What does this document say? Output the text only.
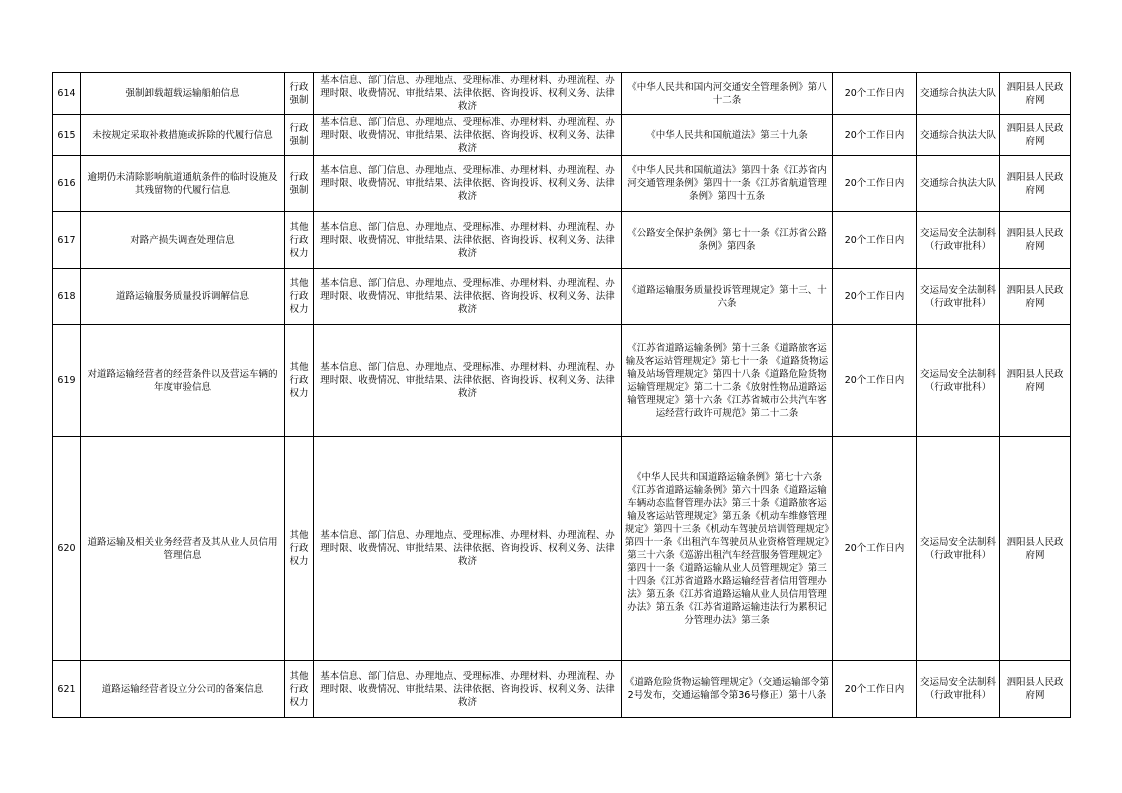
614	强制卸载超载运输船舶信息	行政强制	基本信息、部门信息、办理地点、受理标准、办理材料、办理流程、办理时限、收费情况、审批结果、法律依据、咨询投诉、权利义务、法律救济	《中华人民共和国内河交通安全管理条例》第八十二条	20个工作日内	交通综合执法大队	泗阳县人民政府网
615	未按规定采取补救措施或拆除的代履行信息	行政强制	基本信息、部门信息、办理地点、受理标准、办理材料、办理流程、办理时限、收费情况、审批结果、法律依据、咨询投诉、权利义务、法律救济	《中华人民共和国航道法》第三十九条	20个工作日内	交通综合执法大队	泗阳县人民政府网
616	逾期仍未清除影响航道通航条件的临时设施及其残留物的代履行信息	行政强制	基本信息、部门信息、办理地点、受理标准、办理材料、办理流程、办理时限、收费情况、审批结果、法律依据、咨询投诉、权利义务、法律救济	《中华人民共和国航道法》第四十条《江苏省内河交通管理条例》第四十一条《江苏省航道管理条例》第四十五条	20个工作日内	交通综合执法大队	泗阳县人民政府网
617	对路产损失调查处理信息	其他行政权力	基本信息、部门信息、办理地点、受理标准、办理材料、办理流程、办理时限、收费情况、审批结果、法律依据、咨询投诉、权利义务、法律救济	《公路安全保护条例》第七十一条《江苏省公路条例》第四条	20个工作日内	交运局安全法制科（行政审批科）	泗阳县人民政府网
618	道路运输服务质量投诉调解信息	其他行政权力	基本信息、部门信息、办理地点、受理标准、办理材料、办理流程、办理时限、收费情况、审批结果、法律依据、咨询投诉、权利义务、法律救济	《道路运输服务质量投诉管理规定》第十三、十六条	20个工作日内	交运局安全法制科（行政审批科）	泗阳县人民政府网
619	对道路运输经营者的经营条件以及营运车辆的年度审验信息	其他行政权力	基本信息、部门信息、办理地点、受理标准、办理材料、办理流程、办理时限、收费情况、审批结果、法律依据、咨询投诉、权利义务、法律救济	《江苏省道路运输条例》第十三条《道路旅客运输及客运站管理规定》第七十一条 《道路货物运输及站场管理规定》第四十八条《道路危险货物运输管理规定》第二十二条《放射性物品道路运输管理规定》第十六条《江苏省城市公共汽车客运经营行政许可规范》第二十二条	20个工作日内	交运局安全法制科（行政审批科）	泗阳县人民政府网
620	道路运输及相关业务经营者及其从业人员信用管理信息	其他行政权力	基本信息、部门信息、办理地点、受理标准、办理材料、办理流程、办理时限、收费情况、审批结果、法律依据、咨询投诉、权利义务、法律救济	《中华人民共和国道路运输条例》第七十六条《江苏省道路运输条例》第六十四条《道路运输车辆动态监督管理办法》第三十条《道路旅客运输及客运站管理规定》第五条《机动车维修管理规定》第四十三条《机动车驾驶员培训管理规定》第四十一条《出租汽车驾驶员从业资格管理规定》第三十六条《巡游出租汽车经营服务管理规定》第四十一条《道路运输从业人员管理规定》第三十四条《江苏省道路水路运输经营者信用管理办法》第五条《江苏省道路运输从业人员信用管理办法》第五条《江苏省道路运输违法行为累积记分管理办法》第三条	20个工作日内	交运局安全法制科（行政审批科）	泗阳县人民政府网
621	道路运输经营者设立分公司的备案信息	其他行政权力	基本信息、部门信息、办理地点、受理标准、办理材料、办理流程、办理时限、收费情况、审批结果、法律依据、咨询投诉、权利义务、法律救济	《道路危险货物运输管理规定》（交通运输部令第2号发布，交通运输部令第36号修正）第十八条	20个工作日内	交运局安全法制科（行政审批科）	泗阳县人民政府网
